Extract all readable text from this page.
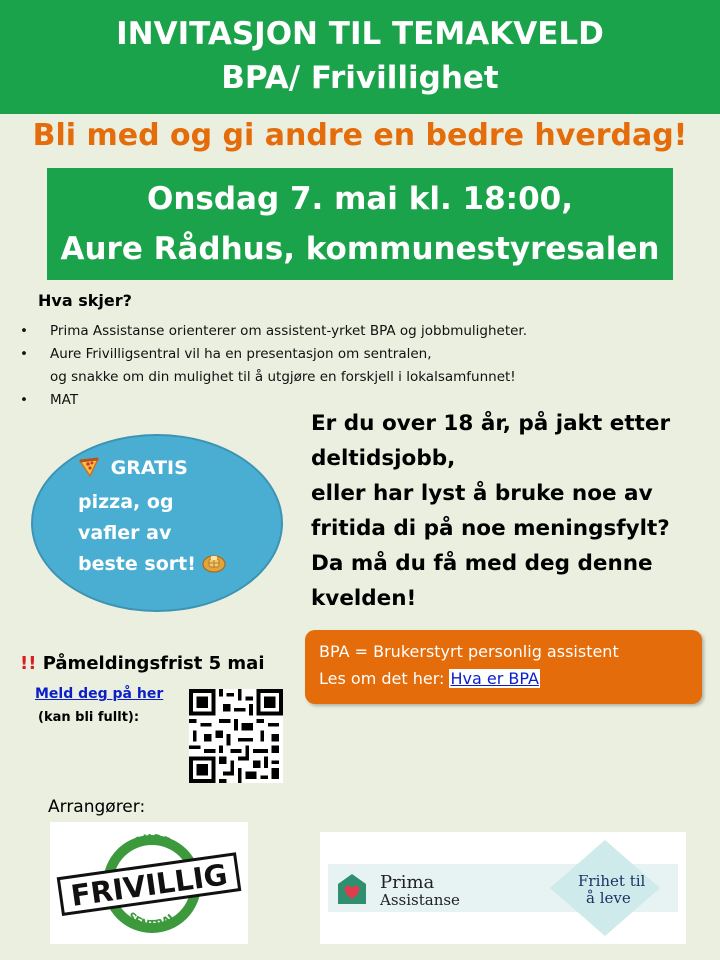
INVITASJON TIL TEMAKVELD
BPA/ Frivillighet
Bli med og gi andre en bedre hverdag!
Onsdag 7. mai kl. 18:00,
Aure Rådhus, kommunestyresalen
Hva skjer?
• Prima Assistanse orienterer om assistent-yrket BPA og jobbmuligheter.
• Aure Frivilligsentral vil ha en presentasjon om sentralen,
og snakke om din mulighet til å utgjøre en forskjell i lokalsamfunnet!
• MAT
GRATIS
pizza, og
vafler av
beste sort!
Er du over 18 år, på jakt etter
deltidsjobb,
eller har lyst å bruke noe av
fritida di på noe meningsfylt?
Da må du få med deg denne
kvelden!
BPA = Brukerstyrt personlig assistent
Les om det her: Hva er BPA
!! Påmeldingsfrist 5 mai
Meld deg på her
(kan bli fullt):
Arrangører:
AURE
SENTRAL
FRIVILLIG	Prima
Assistanse
Frihet til
å leve
